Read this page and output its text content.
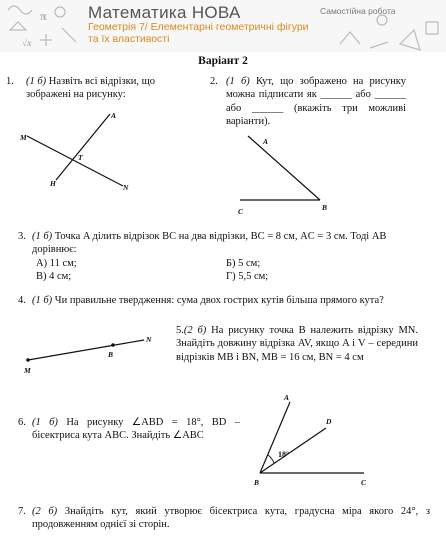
π
√x
Математика НОВА
Геометрія 7/ Елементарні геометричні фігури
та їх властивості
Самостійна робота
Варіант 2
1. (1 б) Назвіть всі відрізки, що зображені на рисунку:
M
A
T
H	N
2. (1 б) Кут, що зображено на рисунку можна підписати як ______ або ______ або ______ (вкажіть три можливі варіанти).
A
B
C
3. (1 б) Точка A ділить відрізок BC на два відрізки, BC = 8 см, AC = 3 см. Тоді AB дорівнює:
А) 11 см;	Б) 5 см;
В) 4 см;	Г) 5,5 см;
4. (1 б) Чи правильне твердження: сума двох гострих кутів більша прямого кута?
N
B
M
5.(2 б) На рисунку точка B належить відрізку MN. Знайдіть довжину відрізка AV, якщо A і V – середини відрізків MB і BN, MB = 16 см, BN = 4 см
6. (1 б) На рисунку ∠ABD = 18°, BD – бісектриса кута ABC. Знайдіть ∠ABC
A
D
B	C
18°
7. (2 б) Знайдіть кут, який утворює бісектриса кута, градусна міра якого 24°, з продовженням однієї зі сторін.
